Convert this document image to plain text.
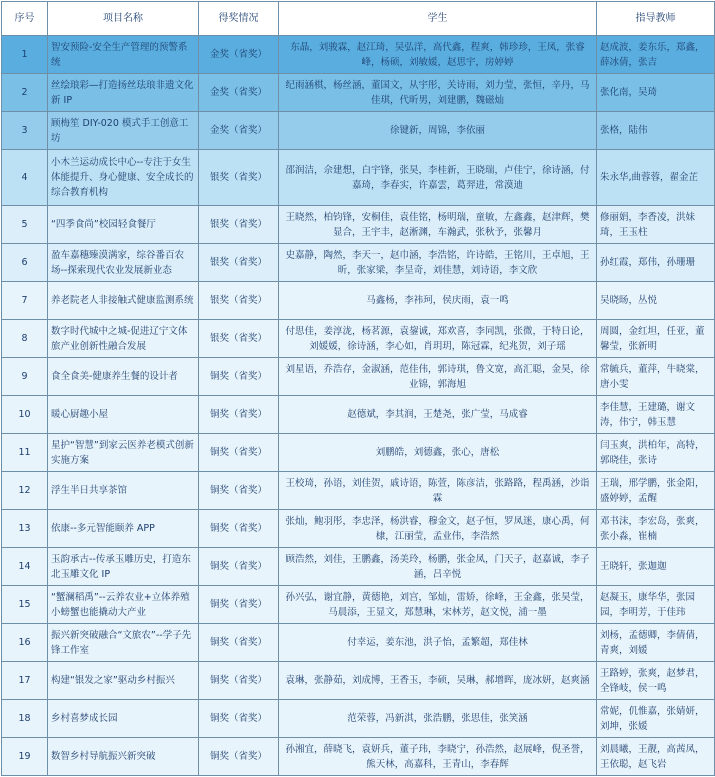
序号	项目名称	得奖情况	学生	指导教师
1	智安预险-安全生产管理的预警系统	金奖（省奖）	东晶，刘骏霖，赵江琦，吴弘洋，高代鑫，程爽，韩珍珍，王凤，张睿峰，杨硕，刘敏媛，赵思宇，房婷婷	赵成波，姜东乐，郑鑫，薛冰倩，张吉
2	丝绘琅彩—打造扬丝珐琅非遗文化新 IP	金奖（省奖）	纪雨涵棋，杨丝涵，董国文，从宇彤，关诗雨，刘力莹，张恒，辛丹，马佳琪，代昕男，刘建鹏，魏磁灿	张化南，吴琦
3	顾梅笙 DIY-020 模式手工创意工坊	金奖（省奖）	徐键新，周锦，李依丽	张格，陆伟
4	小木兰运动成长中心--专注于女生体能提升、身心健康、安全成长的综合教育机构	银奖（省奖）	邵润洁，佘建想，白宇锋，张昊，李桂新，王晓瑞，卢佳宁，徐诗涵，付嘉琦，李春实，许嘉雲，葛羿进，常漠迪	朱永华,曲蓉蓉，翟金芷
5	“四季食尚”校园轻食餐厅	银奖（省奖）	王晓然，柏钧锋，安桐佳，袁佳铭，杨明瑞，童敏，左鑫鑫，赵津辉，樊显合，王宇丰，赵淅渊，车瀚武，张秋予，张馨月	修丽娟，李香凌，洪妹琦，王玉柱
6	盈车嘉穗臻漠满家，综谷番百农场--探索现代农业发展新业态	银奖（省奖）	史嘉静，陶然，李天一，赵巾涵，李浩铭，许诗皓，王铭川，王卓旭，王昕，张家梁，李呈奇，刘佳慧，刘诗语，李文欣	孙红霞，郑伟，孙珊珊
7	养老院老人非接触式健康监测系统	银奖（省奖）	马鑫杨，李祎珂，侯庆雨，袁一鸣	吴晓旸，丛悦
8	数字时代城中之城-促进辽宁文体旅产业创新性融合发展	银奖（省奖）	付思佳，姜淳泷，杨茗源，袁鋆诚，郑欢喜，李同凯，张微，于特日论，刘媛媛，徐诗涵，李心如，肖玥玥，陈冠霖，纪兆贺，刘子瑶	周圆，金红坦，任亚，董馨莹，张新明
9	食全食美-健康养生餐的设计者	铜奖（省奖）	刘星语，乔浩存，金淑涵，范佳伟，郭诗琪，鲁文宽，高汇聪，金昊，徐业锦，郭海旭	常毓兵，董萍，牛晓棠，唐小雯
10	暖心厨趣小屋	铜奖（省奖）	赵德斌，李其润，王楚尧，张广莹，马成睿	李佳慧，王建璐，谢文涛，伟宁，韩玉慧
11	星护“智慧”到家云医养老模式创新实施方案	铜奖（省奖）	刘鹏皓，刘德鑫，张心，唐松	闫玉爽，洪柏年，高特，郭晓佳，张诗
12	浮生半日共享茶馆	铜奖（省奖）	王校琦，孙语，刘佳贺，戚诗语，陈萱，陈彦洁，张路路，程禹涵，沙诣霖	王瑞，邢学鹏，张金阳，盛婷婷，孟醒
13	依康--多元智能颐养 APP	铜奖（省奖）	张灿，鲍羽彤，李忠泽，杨洪睿，穆金文，赵子恒，罗凤迷，康心禹，何棣，江丽莹，孟业伟，李浩然	邓书沫，李宏岛，张爽，张小淼，崔楠
14	玉韵承古--传承玉雕历史，打造东北玉雕文化 IP	铜奖（省奖）	顾浩然，刘佳，王鹏鑫，汤美玲，杨鹏，张金凤，门天子，赵嘉诚，李子涵，吕辛悦	王晓轩，张迦迦
15	“蟹澜稻禹”--云养农业+立体养殖小螃蟹也能撬动大产业	铜奖（省奖）	孙兴弘，谢宜静，黄德艳，刘宫，邹灿，雷娇，徐峰，王金鑫，张昊莹，马晨添，王显文，郑慧琳，宋林芳，赵文悦，浦一墨	赵凝玉，康华华，张园园，李明芳，于佳玮
16	振兴新突破融合“文旅农”--学子先锋工作室	铜奖（省奖）	付幸运，姜东池，洪子怡，孟繁超，郑佳林	刘杨，孟德卿，李倩倩，青爽，刘媛
17	构建“银发之家”驱动乡村振兴	铜奖（省奖）	袁琳，张静茹，刘成博，王香玉，李硕，吴琳，郝增晖，庞冰妍，赵爽涵	王路婷，张爽，赵梦君，全锋岐，侯一鸣
18	乡村喜梦成长园	铜奖（省奖）	范荣蓉，冯新淇，张浩鹏，张思佳，张笑涵	常妮，仉惟嘉，张婧妍，刘坤，张媛
19	数智乡村导航振兴新突破	铜奖（省奖）	孙湘宜，薛晓飞，袁妍兵，董子玮，李晓宁，孙浩然，赵展峰，倪圣誉，熊天林，高嘉科，王青山，李春辉	刘晨曦，王靓，高茜凤，王依聪，赵飞岩
